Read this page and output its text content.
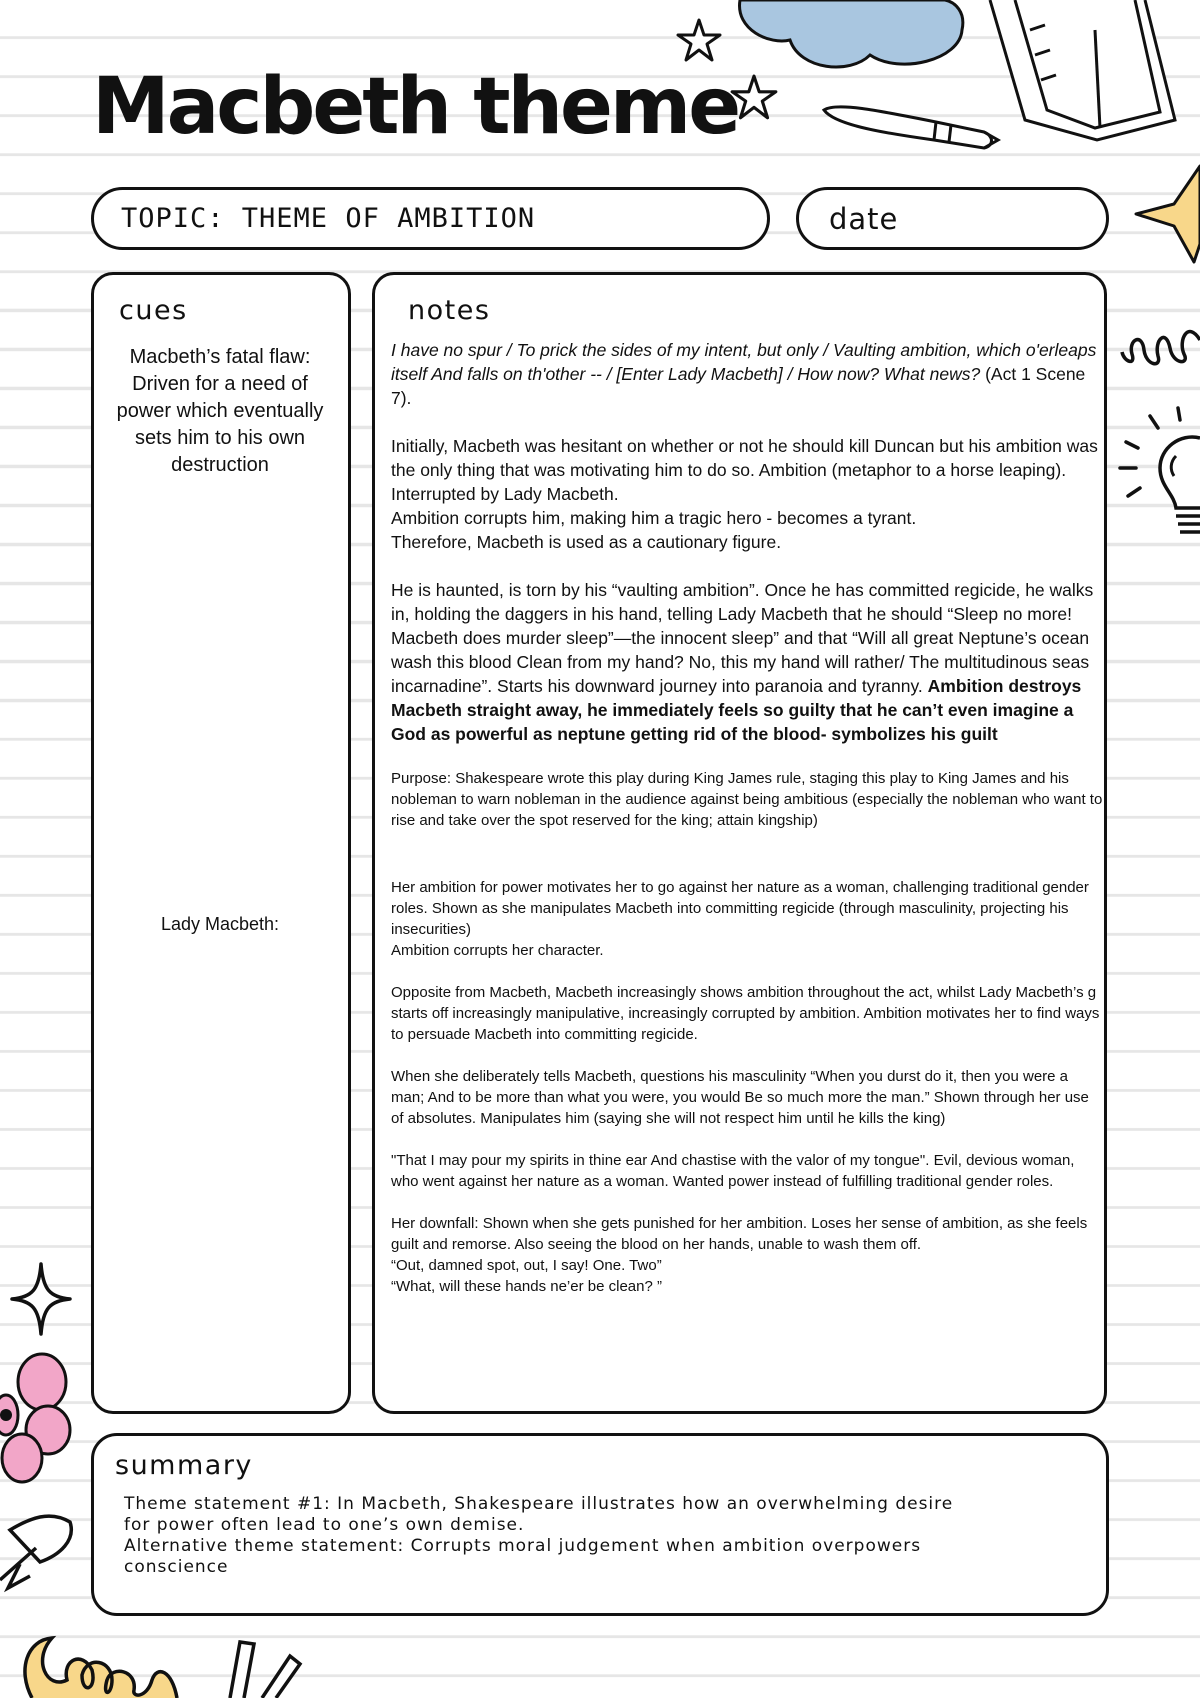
Macbeth theme
TOPIC: THEME OF AMBITION	date
cues
Macbeth’s fatal flaw: Driven for a need of power which eventually sets him to his own destruction
Lady Macbeth:
notes

I have no spur / To prick the sides of my intent, but only / Vaulting ambition, which o'erleaps itself And falls on th'other -- / [Enter Lady Macbeth] / How now? What news? (Act 1 Scene 7).

Initially, Macbeth was hesitant on whether or not he should kill Duncan but his ambition was the only thing that was motivating him to do so. Ambition (metaphor to a horse leaping). Interrupted by Lady Macbeth.
Ambition corrupts him, making him a tragic hero - becomes a tyrant.
Therefore, Macbeth is used as a cautionary figure.

He is haunted, is torn by his “vaulting ambition”. Once he has committed regicide, he walks in, holding the daggers in his hand, telling Lady Macbeth that he should “Sleep no more! Macbeth does murder sleep”—the innocent sleep” and that “Will all great Neptune’s ocean wash this blood Clean from my hand? No, this my hand will rather/ The multitudinous seas incarnadine”. Starts his downward journey into paranoia and tyranny. Ambition destroys Macbeth straight away, he immediately feels so guilty that he can’t even imagine a God as powerful as neptune getting rid of the blood- symbolizes his guilt

Purpose: Shakespeare wrote this play during King James rule, staging this play to King James and his nobleman to warn nobleman in the audience against being ambitious (especially the nobleman who want to rise and take over the spot reserved for the king; attain kingship)

Her ambition for power motivates her to go against her nature as a woman, challenging traditional gender roles. Shown as she manipulates Macbeth into committing regicide (through masculinity, projecting his insecurities)
Ambition corrupts her character.

Opposite from Macbeth, Macbeth increasingly shows ambition throughout the act, whilst Lady Macbeth’s g starts off increasingly manipulative, increasingly corrupted by ambition. Ambition motivates her to find ways to persuade Macbeth into committing regicide.

When she deliberately tells Macbeth, questions his masculinity “When you durst do it, then you were a man; And to be more than what you were, you would Be so much more the man.” Shown through her use of absolutes. Manipulates him (saying she will not respect him until he kills the king)

"That I may pour my spirits in thine ear And chastise with the valor of my tongue". Evil, devious woman, who went against her nature as a woman. Wanted power instead of fulfilling traditional gender roles.

Her downfall: Shown when she gets punished for her ambition. Loses her sense of ambition, as she feels guilt and remorse. Also seeing the blood on her hands, unable to wash them off.
“Out, damned spot, out, I say! One. Two”
“What, will these hands ne’er be clean? ”

summary

Theme statement #1: In Macbeth, Shakespeare illustrates how an overwhelming desire

for power often lead to one’s own demise.

Alternative theme statement: Corrupts moral judgement when ambition overpowers

conscience
